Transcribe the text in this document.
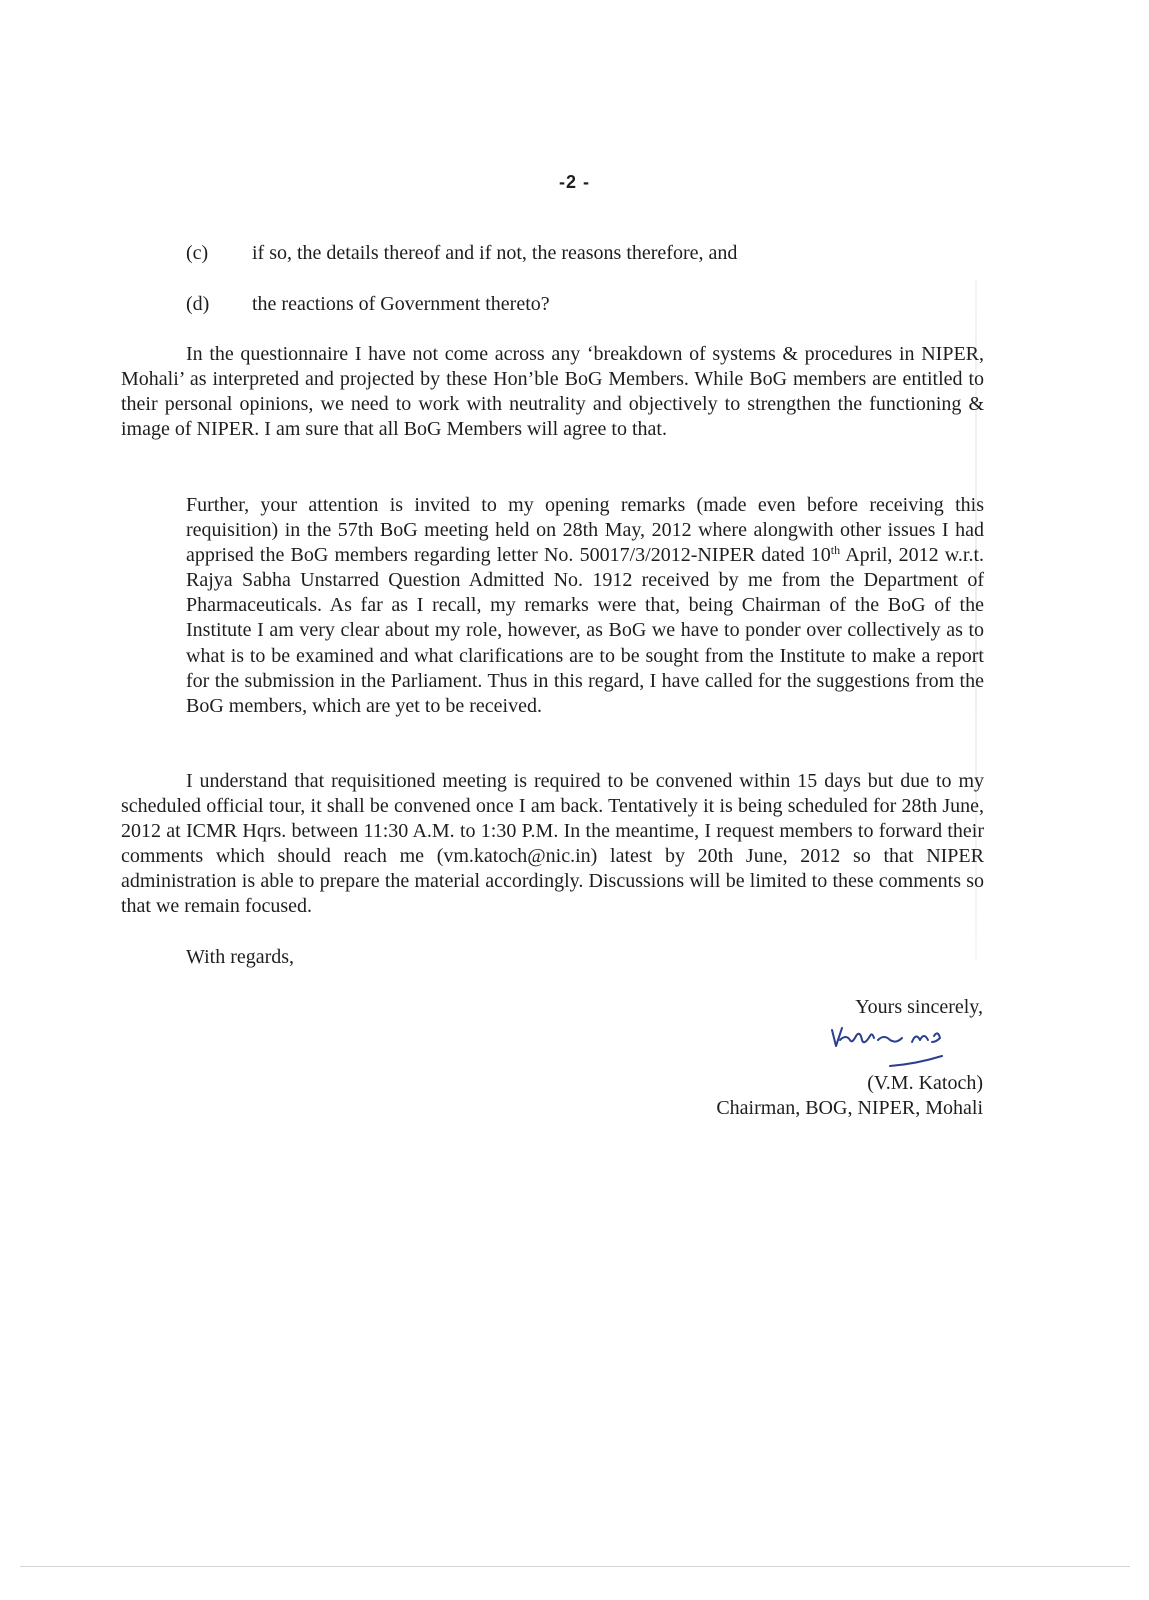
-2 -
(c) if so, the details thereof and if not, the reasons therefore, and
(d) the reactions of Government thereto?

In the questionnaire I have not come across any ‘breakdown of systems & procedures in NIPER, Mohali’ as interpreted and projected by these Hon’ble BoG Members. While BoG members are entitled to their personal opinions, we need to work with neutrality and objectively to strengthen the functioning & image of NIPER. I am sure that all BoG Members will agree to that.

Further, your attention is invited to my opening remarks (made even before receiving this requisition) in the 57th BoG meeting held on 28th May, 2012 where alongwith other issues I had apprised the BoG members regarding letter No. 50017/3/2012-NIPER dated 10th April, 2012 w.r.t. Rajya Sabha Unstarred Question Admitted No. 1912 received by me from the Department of Pharmaceuticals. As far as I recall, my remarks were that, being Chairman of the BoG of the Institute I am very clear about my role, however, as BoG we have to ponder over collectively as to what is to be examined and what clarifications are to be sought from the Institute to make a report for the submission in the Parliament. Thus in this regard, I have called for the suggestions from the BoG members, which are yet to be received.

I understand that requisitioned meeting is required to be convened within 15 days but due to my scheduled official tour, it shall be convened once I am back. Tentatively it is being scheduled for 28th June, 2012 at ICMR Hqrs. between 11:30 A.M. to 1:30 P.M. In the meantime, I request members to forward their comments which should reach me (vm.katoch@nic.in) latest by 20th June, 2012 so that NIPER administration is able to prepare the material accordingly. Discussions will be limited to these comments so that we remain focused.

With regards,
Yours sincerely,
(V.M. Katoch)
Chairman, BOG, NIPER, Mohali
